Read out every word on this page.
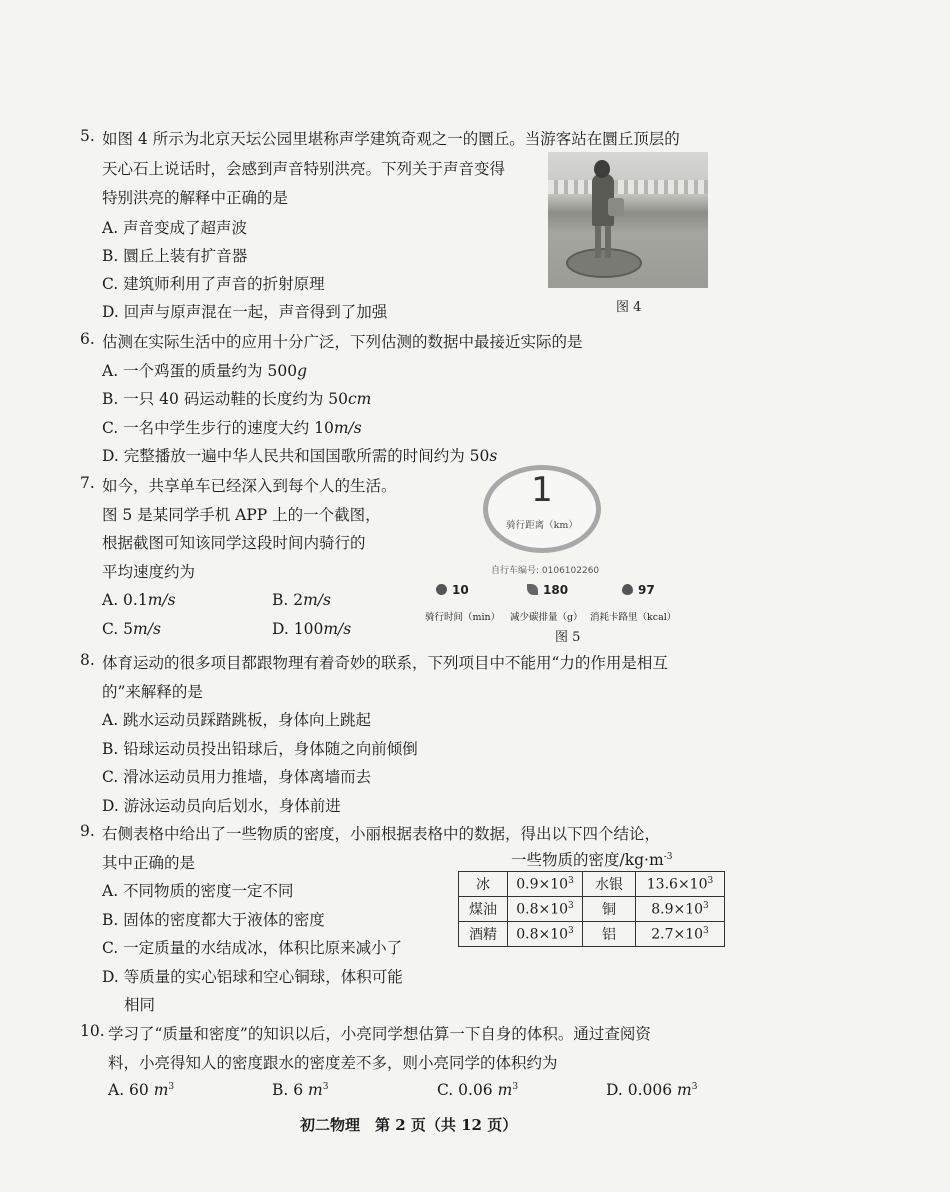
5. 如图 4 所示为北京天坛公园里堪称声学建筑奇观之一的圜丘。当游客站在圜丘顶层的
天心石上说话时，会感到声音特别洪亮。下列关于声音变得
特别洪亮的解释中正确的是
A. 声音变成了超声波
B. 圜丘上装有扩音器
C. 建筑师利用了声音的折射原理
D. 回声与原声混在一起，声音得到了加强	图 4
6. 估测在实际生活中的应用十分广泛，下列估测的数据中最接近实际的是
A. 一个鸡蛋的质量约为 500g
B. 一只 40 码运动鞋的长度约为 50cm
C. 一名中学生步行的速度大约 10m/s
D. 完整播放一遍中华人民共和国国歌所需的时间约为 50s
7. 如今，共享单车已经深入到每个人的生活。
图 5 是某同学手机 APP 上的一个截图，
根据截图可知该同学这段时间内骑行的
平均速度约为
A. 0.1m/s	B. 2m/s
C. 5m/s	D. 100m/s
1
骑行距离（km）
自行车编号: 0106102260
10	180	97
骑行时间（min） 减少碳排量（g） 消耗卡路里（kcal）
图 5
8. 体育运动的很多项目都跟物理有着奇妙的联系，下列项目中不能用“力的作用是相互
的”来解释的是
A. 跳水运动员踩踏跳板，身体向上跳起
B. 铅球运动员投出铅球后，身体随之向前倾倒
C. 滑冰运动员用力推墙，身体离墙而去
D. 游泳运动员向后划水，身体前进
9. 右侧表格中给出了一些物质的密度，小丽根据表格中的数据，得出以下四个结论，
其中正确的是
A. 不同物质的密度一定不同
B. 固体的密度都大于液体的密度
C. 一定质量的水结成冰，体积比原来减小了
D. 等质量的实心铝球和空心铜球，体积可能
相同
一些物质的密度$/kg\cdot m^{-3}$
冰	$0.9\times 10^3$	水银	$13.6\times 10^3$
煤油	$0.8\times 10^3$	铜	$8.9\times 10^3$
酒精	$0.8\times 10^3$	铝	$2.7\times 10^3$
10. 学习了“质量和密度”的知识以后，小亮同学想估算一下自身的体积。通过查阅资
料，小亮得知人的密度跟水的密度差不多，则小亮同学的体积约为
A. 60 $m^3$	B. 6 $m^3$	C. 0.06 $m^3$	D. 0.006 $m^3$
初二物理　第 2 页（共 12 页）
